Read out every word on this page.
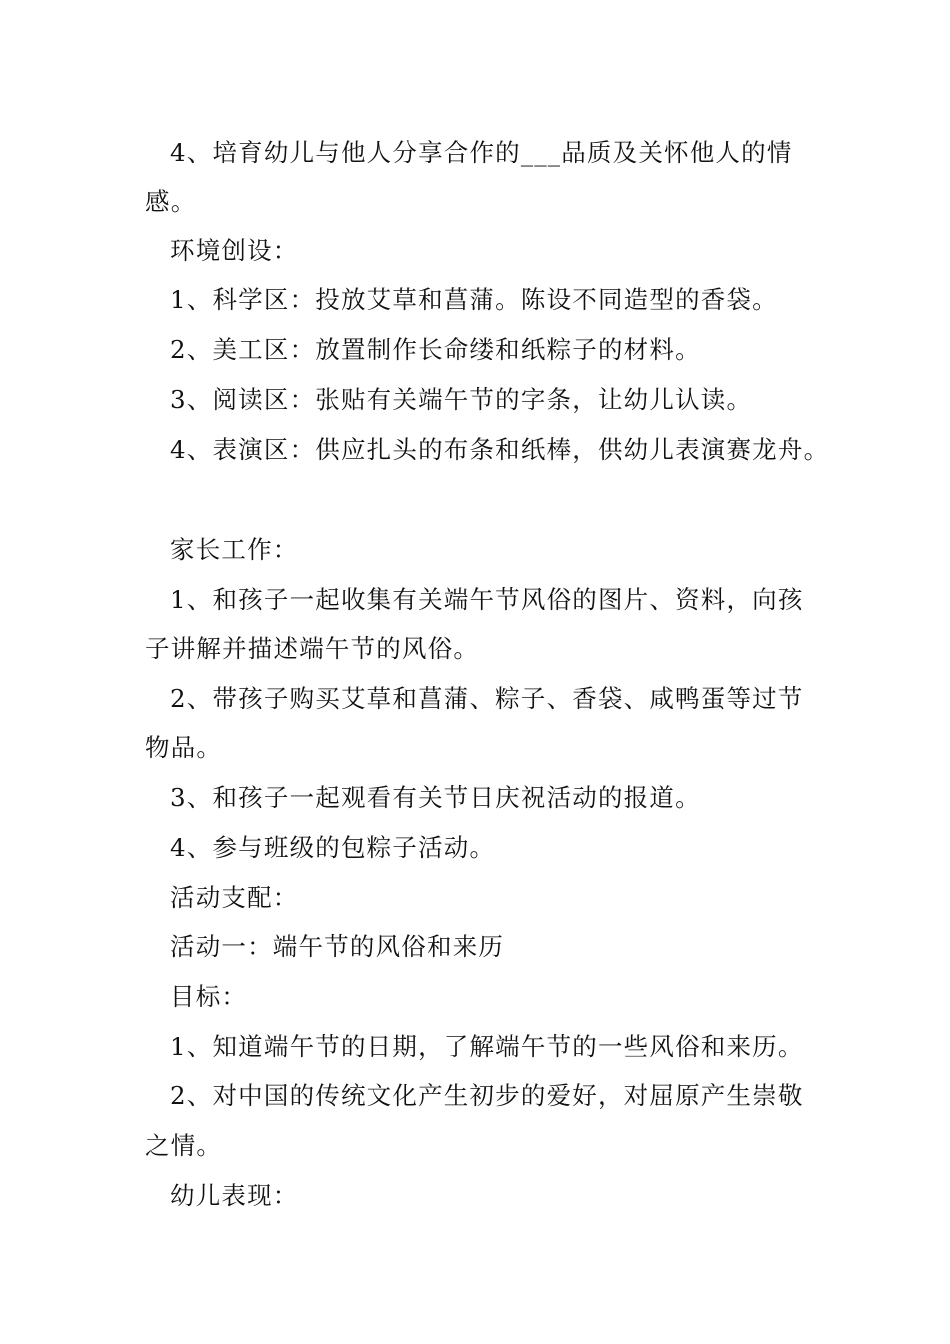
4、培育幼儿与他人分享合作的___品质及关怀他人的情
感。
环境创设：
1、科学区：投放艾草和菖蒲。陈设不同造型的香袋。
2、美工区：放置制作长命缕和纸粽子的材料。
3、阅读区：张贴有关端午节的字条，让幼儿认读。
4、表演区：供应扎头的布条和纸棒，供幼儿表演赛龙舟。
家长工作：
1、和孩子一起收集有关端午节风俗的图片、资料，向孩
子讲解并描述端午节的风俗。
2、带孩子购买艾草和菖蒲、粽子、香袋、咸鸭蛋等过节
物品。
3、和孩子一起观看有关节日庆祝活动的报道。
4、参与班级的包粽子活动。
活动支配：
活动一：端午节的风俗和来历
目标：
1、知道端午节的日期，了解端午节的一些风俗和来历。
2、对中国的传统文化产生初步的爱好，对屈原产生崇敬
之情。
幼儿表现：
